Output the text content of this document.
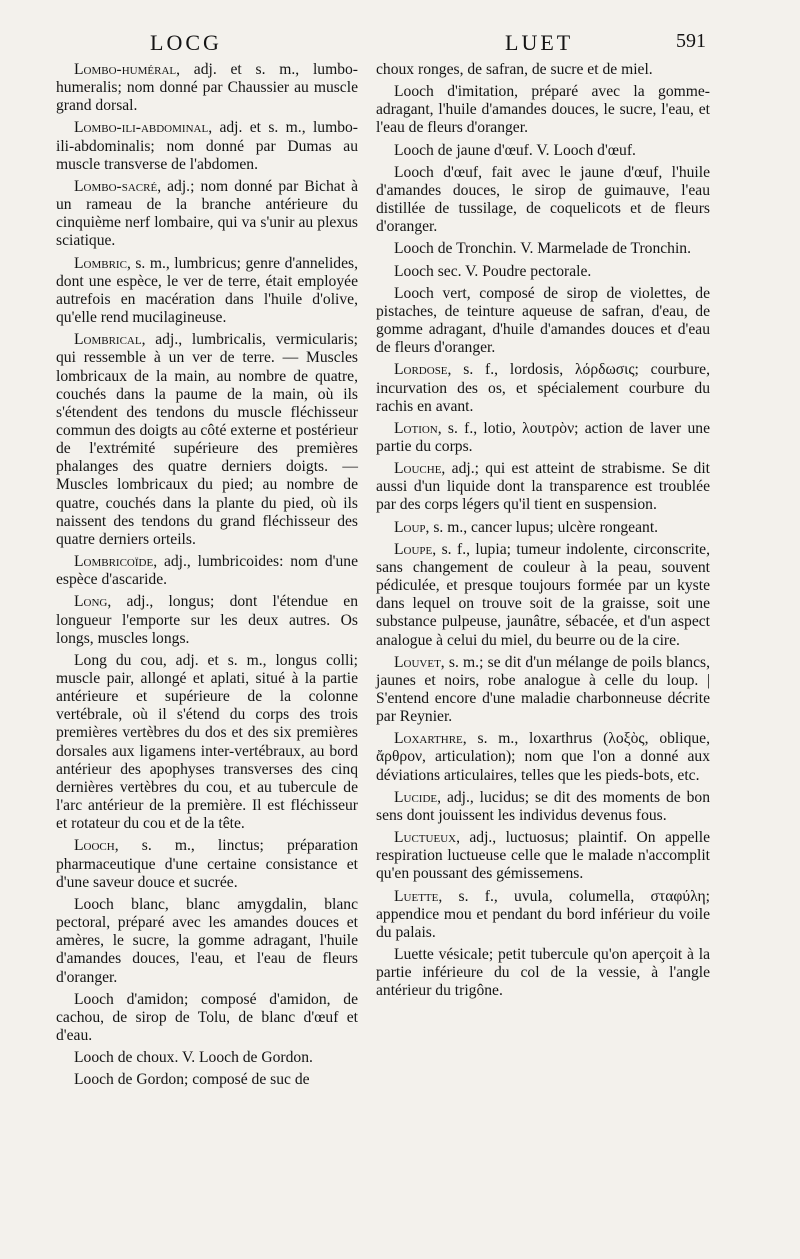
LOCG	LUET	591

Lombo-huméral, adj. et s. m., lumbo-humeralis; nom donné par Chaussier au muscle grand dorsal.

Lombo-ili-abdominal, adj. et s. m., lumbo-ili-abdominalis; nom donné par Dumas au muscle transverse de l'abdomen.

Lombo-sacré, adj.; nom donné par Bichat à un rameau de la branche antérieure du cinquième nerf lombaire, qui va s'unir au plexus sciatique.

Lombric, s. m., lumbricus; genre d'annelides, dont une espèce, le ver de terre, était employée autrefois en macération dans l'huile d'olive, qu'elle rend mucilagineuse.

Lombrical, adj., lumbricalis, vermicularis; qui ressemble à un ver de terre. — Muscles lombricaux de la main, au nombre de quatre, couchés dans la paume de la main, où ils s'étendent des tendons du muscle fléchisseur commun des doigts au côté externe et postérieur de l'extrémité supérieure des premières phalanges des quatre derniers doigts. — Muscles lombricaux du pied; au nombre de quatre, couchés dans la plante du pied, où ils naissent des tendons du grand fléchisseur des quatre derniers orteils.

Lombricoïde, adj., lumbricoides: nom d'une espèce d'ascaride.

Long, adj., longus; dont l'étendue en longueur l'emporte sur les deux autres. Os longs, muscles longs.

Long du cou, adj. et s. m., longus colli; muscle pair, allongé et aplati, situé à la partie antérieure et supérieure de la colonne vertébrale, où il s'étend du corps des trois premières vertèbres du dos et des six premières dorsales aux ligamens inter-vertébraux, au bord antérieur des apophyses transverses des cinq dernières vertèbres du cou, et au tubercule de l'arc antérieur de la première. Il est fléchisseur et rotateur du cou et de la tête.

Looch, s. m., linctus; préparation pharmaceutique d'une certaine consistance et d'une saveur douce et sucrée.

Looch blanc, blanc amygdalin, blanc pectoral, préparé avec les amandes douces et amères, le sucre, la gomme adragant, l'huile d'amandes douces, l'eau, et l'eau de fleurs d'oranger.

Looch d'amidon; composé d'amidon, de cachou, de sirop de Tolu, de blanc d'œuf et d'eau.

Looch de choux. V. Looch de Gordon.

Looch de Gordon; composé de suc de

choux ronges, de safran, de sucre et de miel.

Looch d'imitation, préparé avec la gomme-adragant, l'huile d'amandes douces, le sucre, l'eau, et l'eau de fleurs d'oranger.

Looch de jaune d'œuf. V. Looch d'œuf.

Looch d'œuf, fait avec le jaune d'œuf, l'huile d'amandes douces, le sirop de guimauve, l'eau distillée de tussilage, de coquelicots et de fleurs d'oranger.

Looch de Tronchin. V. Marmelade de Tronchin.

Looch sec. V. Poudre pectorale.

Looch vert, composé de sirop de violettes, de pistaches, de teinture aqueuse de safran, d'eau, de gomme adragant, d'huile d'amandes douces et d'eau de fleurs d'oranger.

Lordose, s. f., lordosis, λόρδωσις; courbure, incurvation des os, et spécialement courbure du rachis en avant.

Lotion, s. f., lotio, λουτρὸν; action de laver une partie du corps.

Louche, adj.; qui est atteint de strabisme. Se dit aussi d'un liquide dont la transparence est troublée par des corps légers qu'il tient en suspension.

Loup, s. m., cancer lupus; ulcère rongeant.

Loupe, s. f., lupia; tumeur indolente, circonscrite, sans changement de couleur à la peau, souvent pédiculée, et presque toujours formée par un kyste dans lequel on trouve soit de la graisse, soit une substance pulpeuse, jaunâtre, sébacée, et d'un aspect analogue à celui du miel, du beurre ou de la cire.

Louvet, s. m.; se dit d'un mélange de poils blancs, jaunes et noirs, robe analogue à celle du loup. | S'entend encore d'une maladie charbonneuse décrite par Reynier.

Loxarthre, s. m., loxarthrus (λοξὸς, oblique, ἄρθρον, articulation); nom que l'on a donné aux déviations articulaires, telles que les pieds-bots, etc.

Lucide, adj., lucidus; se dit des moments de bon sens dont jouissent les individus devenus fous.

Luctueux, adj., luctuosus; plaintif. On appelle respiration luctueuse celle que le malade n'accomplit qu'en poussant des gémissemens.

Luette, s. f., uvula, columella, σταφύλη; appendice mou et pendant du bord inférieur du voile du palais.

Luette vésicale; petit tubercule qu'on aperçoit à la partie inférieure du col de la vessie, à l'angle antérieur du trigône.
